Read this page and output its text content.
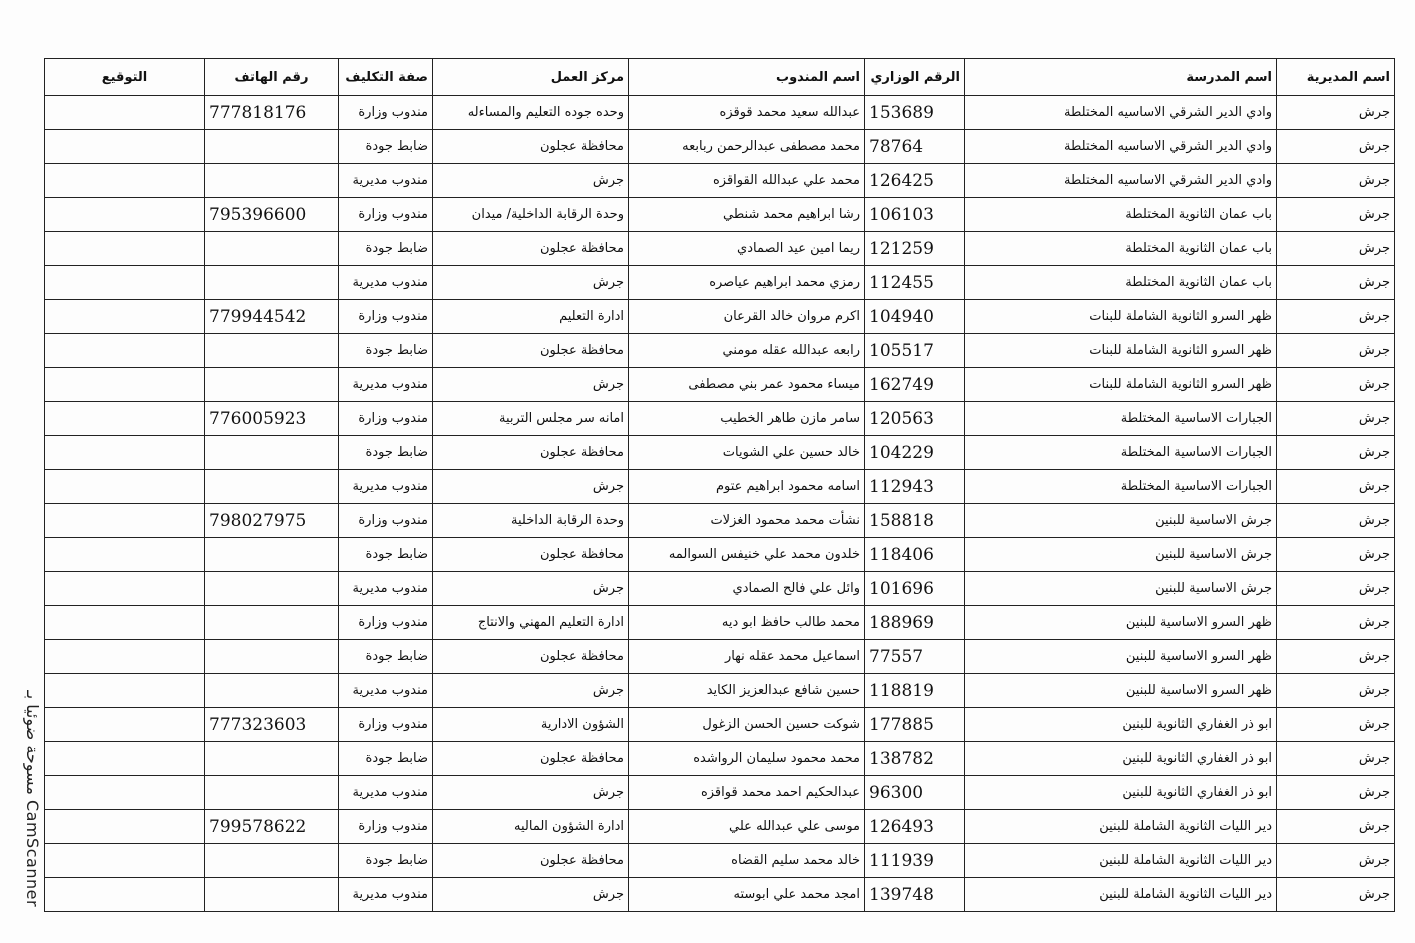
اسم المديرية	اسم المدرسة	الرقم الوزاري	اسم المندوب	مركز العمل	صفة التكليف	رقم الهاتف	التوقيع
جرش	وادي الدير الشرقي الاساسيه المختلطة	153689	عبدالله سعيد محمد قوقزه	وحده جوده التعليم والمساءله	مندوب وزارة	777818176	
جرش	وادي الدير الشرقي الاساسيه المختلطة	78764	محمد مصطفى عبدالرحمن ربابعه	محافظة عجلون	ضابط جودة		
جرش	وادي الدير الشرقي الاساسيه المختلطة	126425	محمد علي عبدالله القواقزه	جرش	مندوب مديرية		
جرش	باب عمان الثانوية المختلطة	106103	رشا ابراهيم محمد شنطي	وحدة الرقابة الداخلية/ ميدان	مندوب وزارة	795396600	
جرش	باب عمان الثانوية المختلطة	121259	ريما امين عيد الصمادي	محافظة عجلون	ضابط جودة		
جرش	باب عمان الثانوية المختلطة	112455	رمزي محمد ابراهيم عياصره	جرش	مندوب مديرية		
جرش	ظهر السرو الثانوية الشاملة للبنات	104940	اكرم مروان خالد القرعان	ادارة التعليم	مندوب وزارة	779944542	
جرش	ظهر السرو الثانوية الشاملة للبنات	105517	رابعه عبدالله عقله مومني	محافظة عجلون	ضابط جودة		
جرش	ظهر السرو الثانوية الشاملة للبنات	162749	ميساء محمود عمر بني مصطفى	جرش	مندوب مديرية		
جرش	الجبارات الاساسية المختلطة	120563	سامر مازن طاهر الخطيب	امانه سر مجلس التربية	مندوب وزارة	776005923	
جرش	الجبارات الاساسية المختلطة	104229	خالد حسين علي الشويات	محافظة عجلون	ضابط جودة		
جرش	الجبارات الاساسية المختلطة	112943	اسامه محمود ابراهيم عتوم	جرش	مندوب مديرية		
جرش	جرش الاساسية للبنين	158818	نشأت محمد محمود الغزلات	وحدة الرقابة الداخلية	مندوب وزارة	798027975	
جرش	جرش الاساسية للبنين	118406	خلدون محمد علي خنيفس السوالمه	محافظة عجلون	ضابط جودة		
جرش	جرش الاساسية للبنين	101696	وائل علي فالح الصمادي	جرش	مندوب مديرية		
جرش	ظهر السرو الاساسية للبنين	188969	محمد طالب حافظ ابو ديه	ادارة التعليم المهني والانتاج	مندوب وزارة		
جرش	ظهر السرو الاساسية للبنين	77557	اسماعيل محمد عقله نهار	محافظة عجلون	ضابط جودة		
جرش	ظهر السرو الاساسية للبنين	118819	حسين شافع عبدالعزيز الكايد	جرش	مندوب مديرية		
جرش	ابو ذر الغفاري الثانوية للبنين	177885	شوكت حسين الحسن الزغول	الشؤون الادارية	مندوب وزارة	777323603	
جرش	ابو ذر الغفاري الثانوية للبنين	138782	محمد محمود سليمان الرواشده	محافظة عجلون	ضابط جودة		
جرش	ابو ذر الغفاري الثانوية للبنين	96300	عبدالحكيم احمد محمد قواقزه	جرش	مندوب مديرية		
جرش	دير الليات الثانوية الشاملة للبنين	126493	موسى علي عبدالله علي	ادارة الشؤون الماليه	مندوب وزارة	799578622	
جرش	دير الليات الثانوية الشاملة للبنين	111939	خالد محمد سليم القضاه	محافظة عجلون	ضابط جودة		
جرش	دير الليات الثانوية الشاملة للبنين	139748	امجد محمد علي ابوسته	جرش	مندوب مديرية		
مسوحة ضوئيا بـ CamScanner
